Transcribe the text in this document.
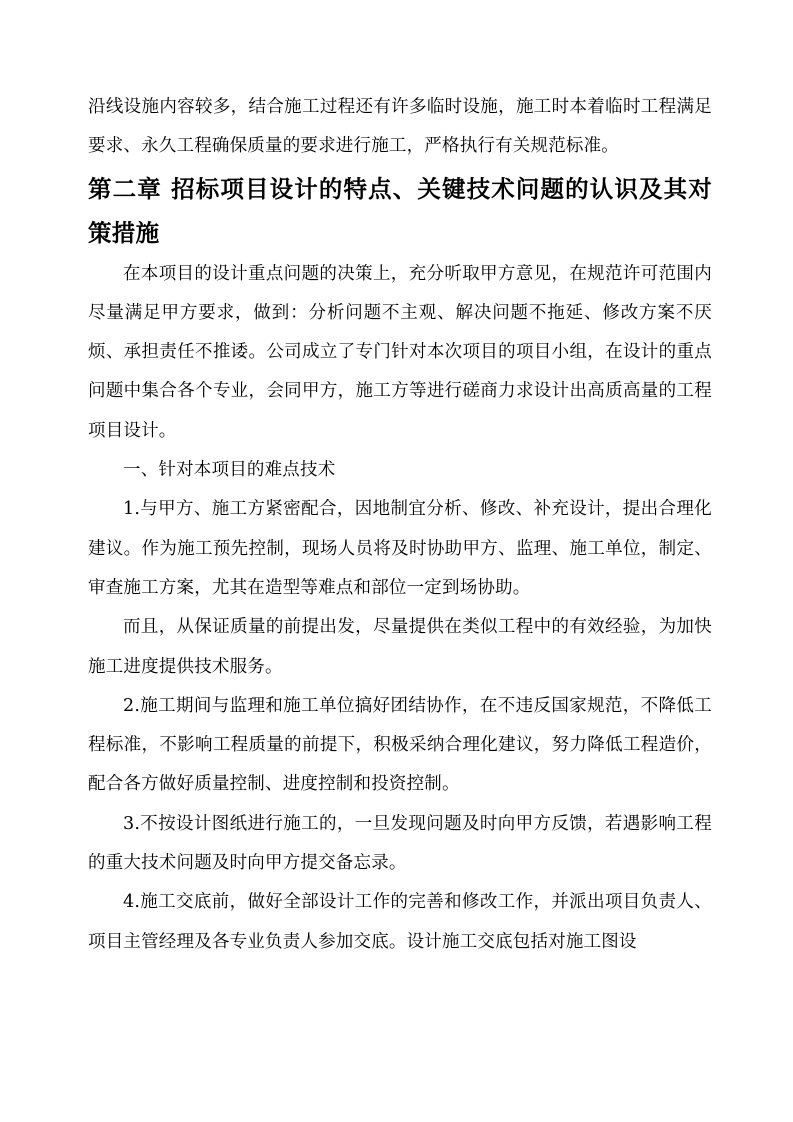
沿线设施内容较多，结合施工过程还有许多临时设施，施工时本着临时工程满足要求、永久工程确保质量的要求进行施工，严格执行有关规范标准。

第二章 招标项目设计的特点、关键技术问题的认识及其对策措施

在本项目的设计重点问题的决策上，充分听取甲方意见，在规范许可范围内尽量满足甲方要求，做到：分析问题不主观、解决问题不拖延、修改方案不厌烦、承担责任不推诿。公司成立了专门针对本次项目的项目小组，在设计的重点问题中集合各个专业，会同甲方，施工方等进行磋商力求设计出高质高量的工程项目设计。

一、针对本项目的难点技术

1.与甲方、施工方紧密配合，因地制宜分析、修改、补充设计，提出合理化建议。作为施工预先控制，现场人员将及时协助甲方、监理、施工单位，制定、审查施工方案，尤其在造型等难点和部位一定到场协助。

而且，从保证质量的前提出发，尽量提供在类似工程中的有效经验，为加快施工进度提供技术服务。

2.施工期间与监理和施工单位搞好团结协作，在不违反国家规范，不降低工程标准，不影响工程质量的前提下，积极采纳合理化建议，努力降低工程造价，配合各方做好质量控制、进度控制和投资控制。

3.不按设计图纸进行施工的，一旦发现问题及时向甲方反馈，若遇影响工程的重大技术问题及时向甲方提交备忘录。

4.施工交底前，做好全部设计工作的完善和修改工作，并派出项目负责人、项目主管经理及各专业负责人参加交底。设计施工交底包括对施工图设
